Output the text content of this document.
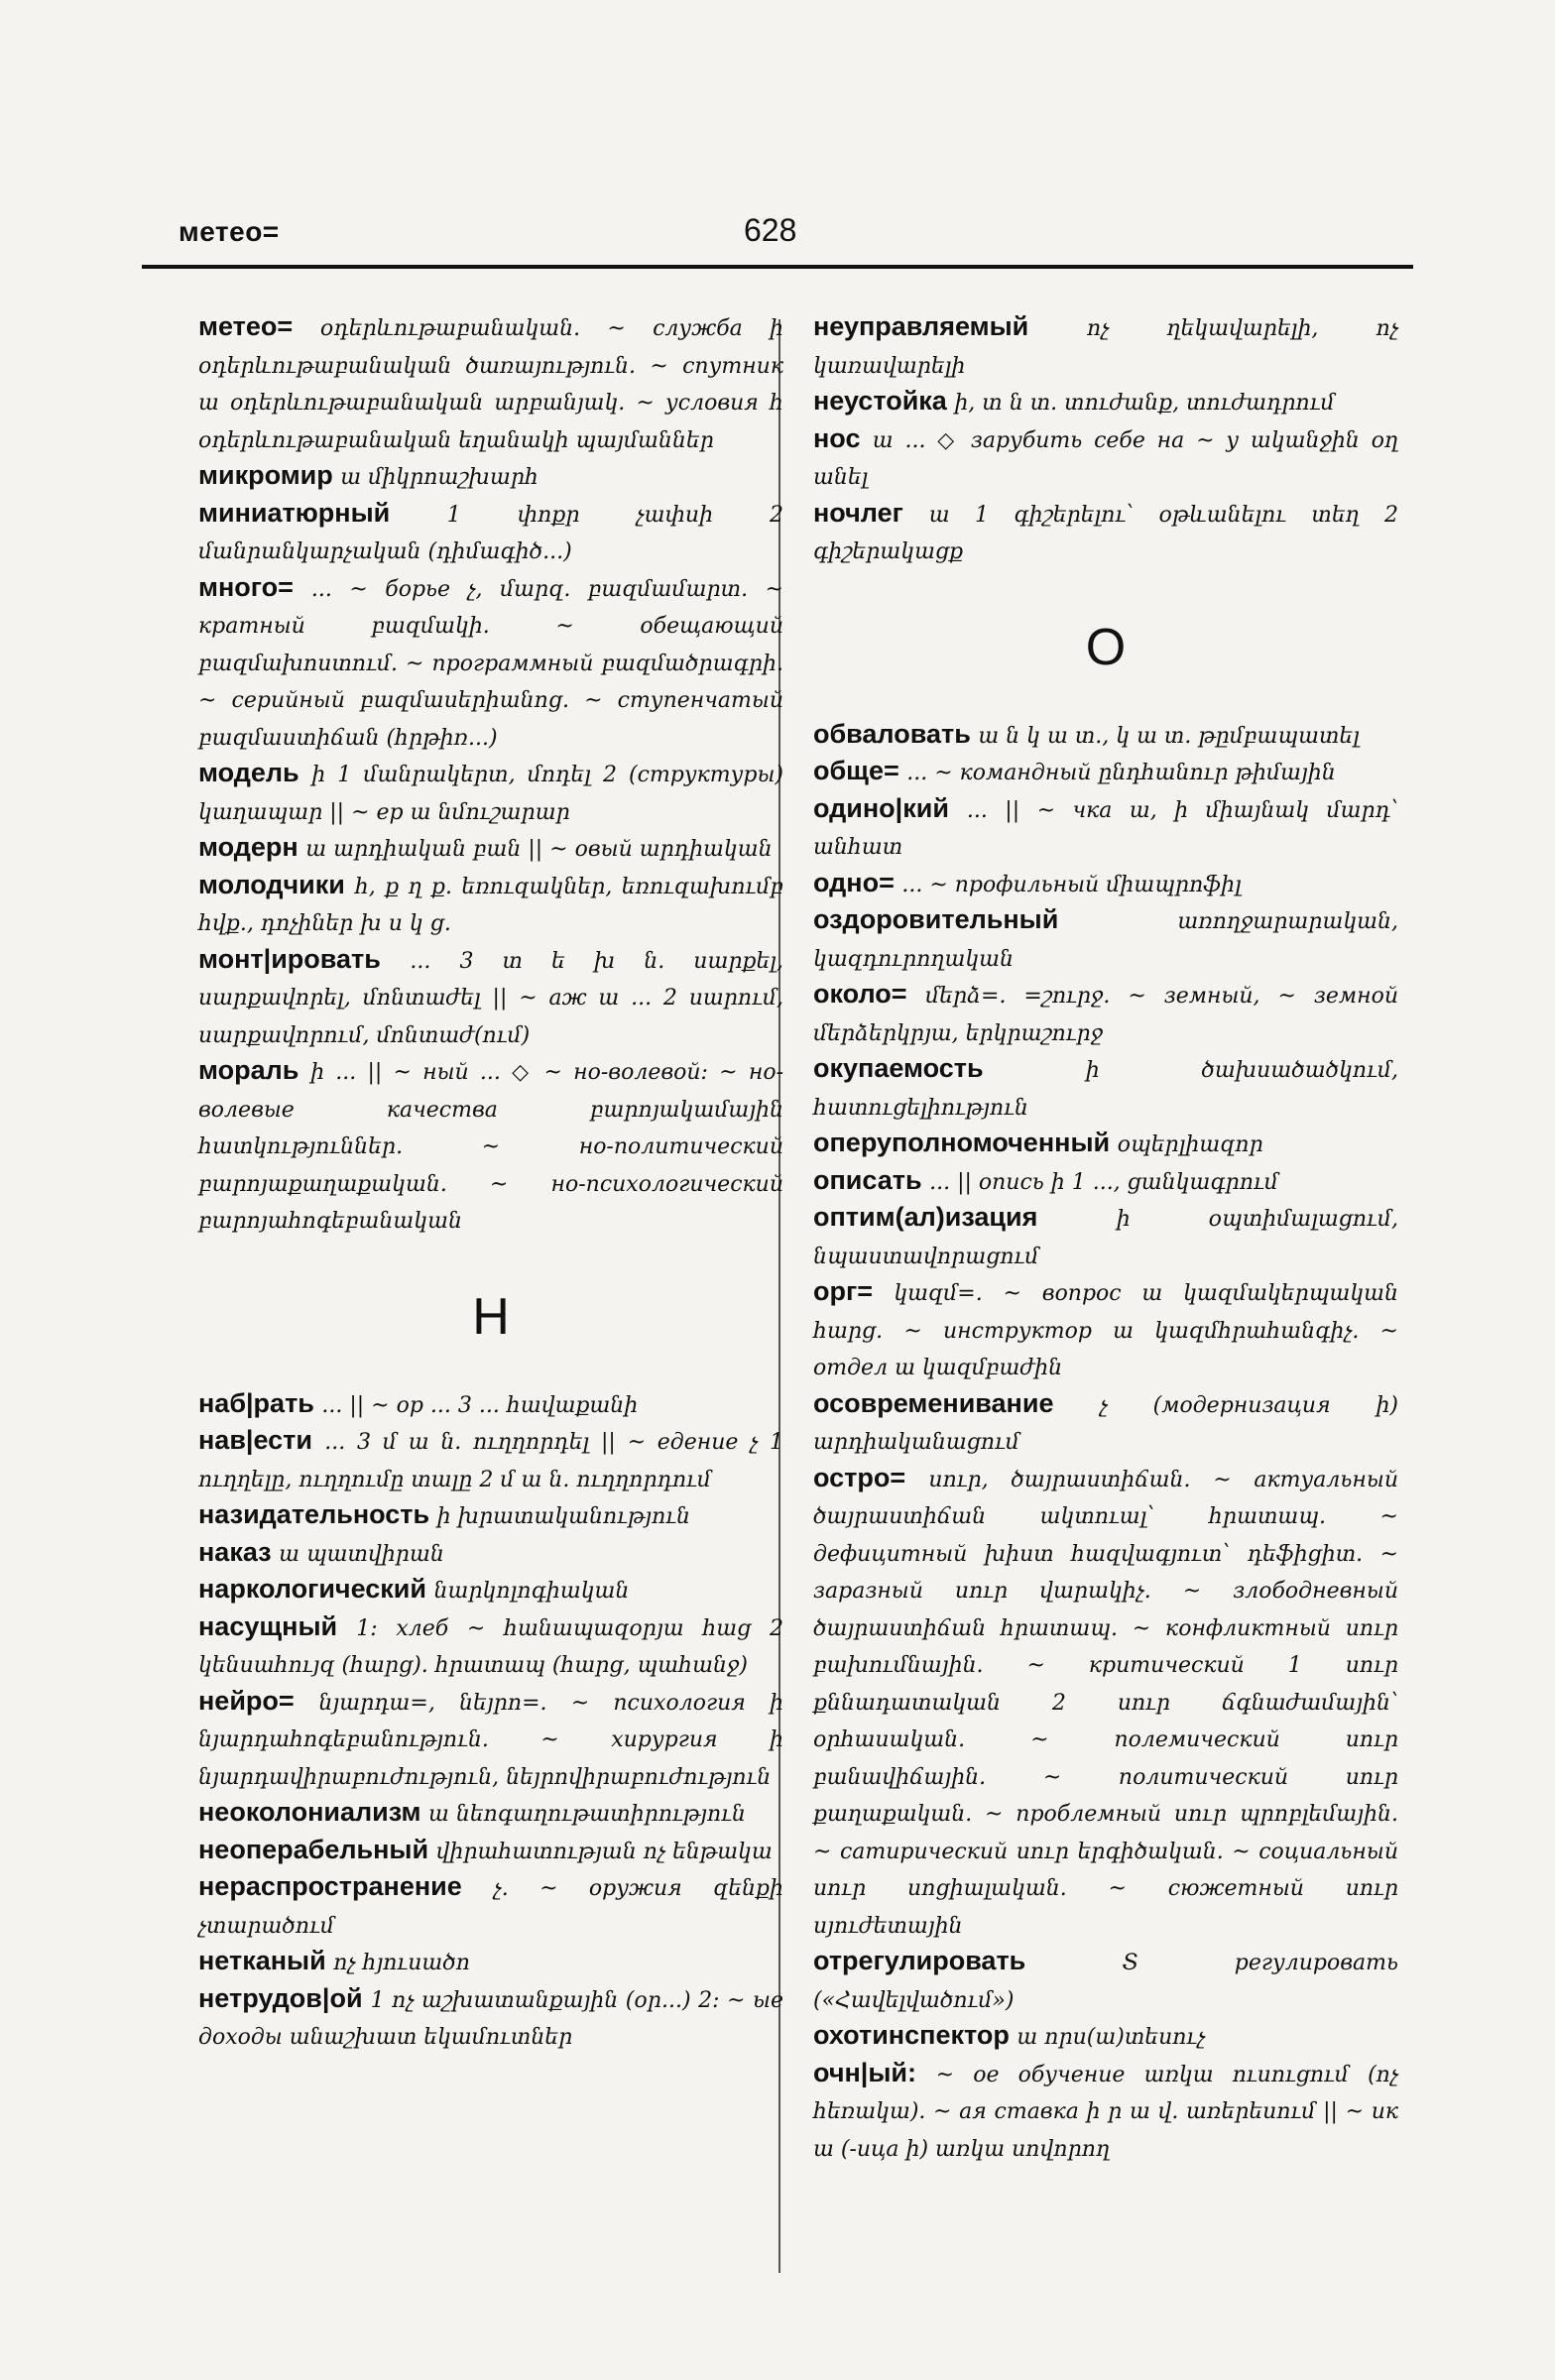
метео=	628

метео= օդերևութաբանական. ~ службa ի օդերևութաբանական ծառայություն. ~ спутник ա օդերևութաբանական արբանյակ. ~ условия հ օդերևութաբանական եղանակի պայմաններ

микромир ա միկրոաշխարհ

миниатюрный 1 փոքր չափսի 2 մանրանկարչական (դիմագիծ...)

много= ... ~ борье չ, մարզ. բազմամարտ. ~ кратный բազմակի. ~ обещающий բազմախոստում. ~ программный բազմածրագրի. ~ серийный բազմասերիանոց. ~ ступенчатый բազմաստիճան (հրթիռ...)

модель ի 1 մանրակերտ, մոդել 2 (структуры) կաղապար || ~ ер ա նմուշարար

модерн ա արդիական բան || ~ овый արդիական

молодчики հ, ք ղ ք. եռուզակներ, եռուզախումբ հվք., դոչիներ խ ս կ ց.

монт|ировать ... 3 տ ե խ ն. սարքել, սարքավորել, մոնտաժել || ~ аж ա ... 2 սարում, սարքավորում, մոնտաժ(ում)

мораль ի ... || ~ ный ... ◇ ~ но-волевой: ~ но-волевые качества բարոյակամային հատկություններ. ~ но-политический բարոյաքաղաքական. ~ но-психологический բարոյահոգեբանական

Н

наб|рать ... || ~ ор ... 3 ... հավաքանի

нав|ести ... 3 մ ա ն. ուղղորդել || ~ едение չ 1 ուղղելը, ուղղումը տալը 2 մ ա ն. ուղղորդում

назидательность ի խրատականություն

наказ ա պատվիրան

наркологический նարկոլոգիական

насущный 1: хлеб ~ հանապազօրյա հաց 2 կենսահույզ (հարց). հրատապ (հարց, պահանջ)

нейро= նյարդա=, նեյրո=. ~ психология ի նյարդահոգեբանություն. ~ хирургия ի նյարդավիրաբուժություն, նեյրովիրաբուժություն

неоколониализм ա նեոգաղութատիրություն

неоперабельный վիրահատության ոչ ենթակա

нераспространение չ. ~ оружия զենքի չտարածում

нетканый ոչ հյուսածո

нетрудов|ой 1 ոչ աշխատանքային (օր...) 2: ~ ые доходы անաշխատ եկամուտներ

неуправляемый ոչ ղեկավարելի, ոչ կառավարելի

неустойка ի, տ ն տ. տուժանք, տուժադրում

нос ա ... ◇ зарубить себе на ~ у ականջին օղ անել

ночлег ա 1 գիշերելու՝ օթևանելու տեղ 2 գիշերակացք

О

обваловать ա ն կ ա տ., կ ա տ. թըմբապատել

обще= ... ~ командный ընդհանուր թիմային

одино|кий ... || ~ чка ա, ի միայնակ մարդ՝ անհատ

одно= ... ~ профильный միապրոֆիլ

оздоровительный առողջարարական, կազդուրողական

около= մերձ=. =շուրջ. ~ земный, ~ земной մերձերկրյա, երկրաշուրջ

окупаемость ի ծախսածածկում, հատուցելիություն

оперуполномоченный օպերլիազոր

описать ... || опись ի 1 ..., ցանկագրում

оптим(ал)изация ի օպտիմալացում, նպաստավորացում

орг= կազմ=. ~ вопрос ա կազմակերպական հարց. ~ инструктор ա կազմհրահանգիչ. ~ отдел ա կազմբաժին

осовременивание չ (модернизация ի) արդիականացում

остро= սուր, ծայրաստիճան. ~ актуальный ծայրաստիճան ակտուալ՝ հրատապ. ~ дефицитный խիստ հազվագյուտ՝ դեֆիցիտ. ~ заразный սուր վարակիչ. ~ злободневный ծայրաստիճան հրատապ. ~ конфликтный սուր բախումնային. ~ критический 1 սուր քննադատական 2 սուր ճգնաժամային՝ օրհասական. ~ полемический սուր բանավիճային. ~ политический սուր քաղաքական. ~ проблемный սուր պրոբլեմային. ~ сатирический սուր երգիծական. ~ социальный սուր սոցիալական. ~ сюжетный սուր սյուժետային

отрегулировать Տ регулировать («Հավելվածում»)

охотинспектор ա որս(ա)տեսուչ

очн|ый: ~ ое обучение առկա ուսուցում (ոչ հեռակա). ~ ая ставка ի ր ա վ. առերեսում || ~ ик ա (-ица ի) առկա սովորող
